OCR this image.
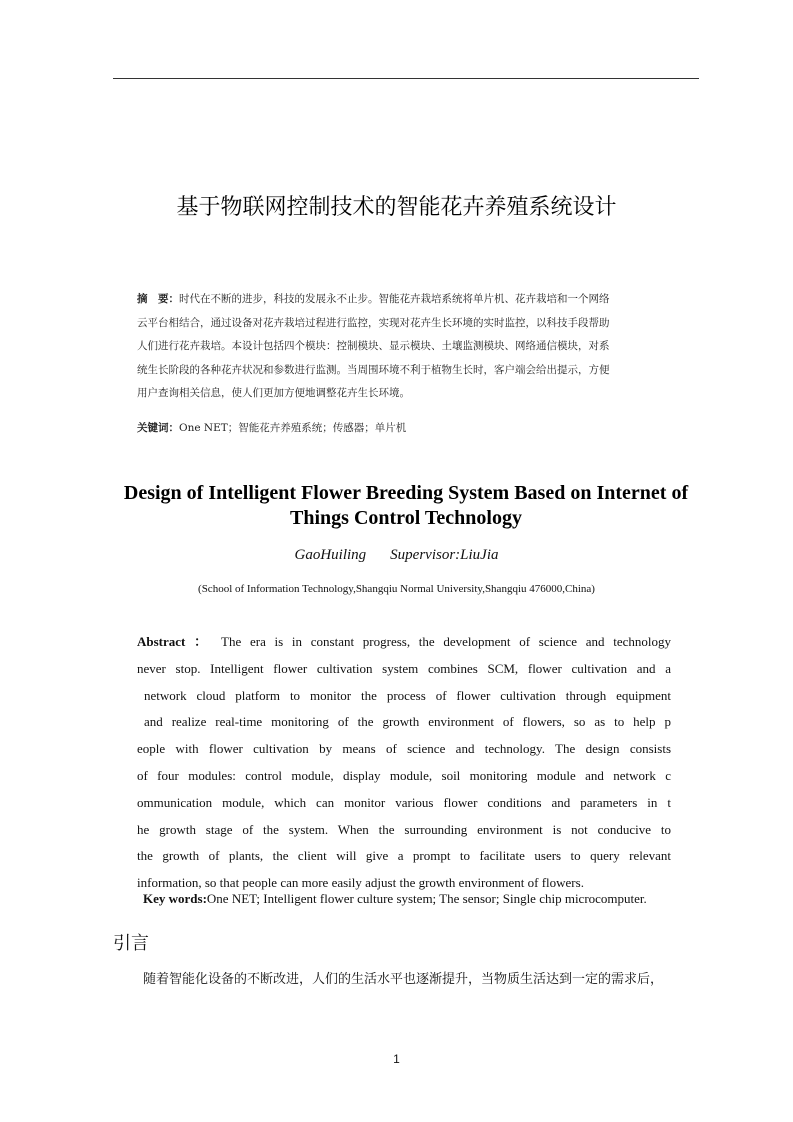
基于物联网控制技术的智能花卉养殖系统设计
摘　要：时代在不断的进步，科技的发展永不止步。智能花卉栽培系统将单片机、花卉栽培和一个网络
云平台相结合，通过设备对花卉栽培过程进行监控，实现对花卉生长环境的实时监控，以科技手段帮助
人们进行花卉栽培。本设计包括四个模块：控制模块、显示模块、土壤监测模块、网络通信模块，对系
统生长阶段的各种花卉状况和参数进行监测。当周围环境不利于植物生长时，客户端会给出提示，方便
用户查询相关信息，使人们更加方便地调整花卉生长环境。
关键词：One NET；智能花卉养殖系统；传感器；单片机
Design of Intelligent Flower Breeding System Based on Internet of Things Control Technology
GaoHuiling Supervisor:LiuJia
(School of Information Technology,Shangqiu Normal University,Shangqiu 476000,China)
Abstract ： The era is in constant progress, the development of science and technology
never stop. Intelligent flower cultivation system combines SCM, flower cultivation and a
network cloud platform to monitor the process of flower cultivation through equipment
and realize real-time monitoring of the growth environment of flowers, so as to help p
eople with flower cultivation by means of science and technology. The design consists
of four modules: control module, display module, soil monitoring module and network c
ommunication module, which can monitor various flower conditions and parameters in t
he growth stage of the system. When the surrounding environment is not conducive to
the growth of plants, the client will give a prompt to facilitate users to query relevant
information, so that people can more easily adjust the growth environment of flowers.
Key words:One NET; Intelligent flower culture system; The sensor; Single chip microcomputer.
引言
随着智能化设备的不断改进，人们的生活水平也逐渐提升，当物质生活达到一定的需求后，
1
